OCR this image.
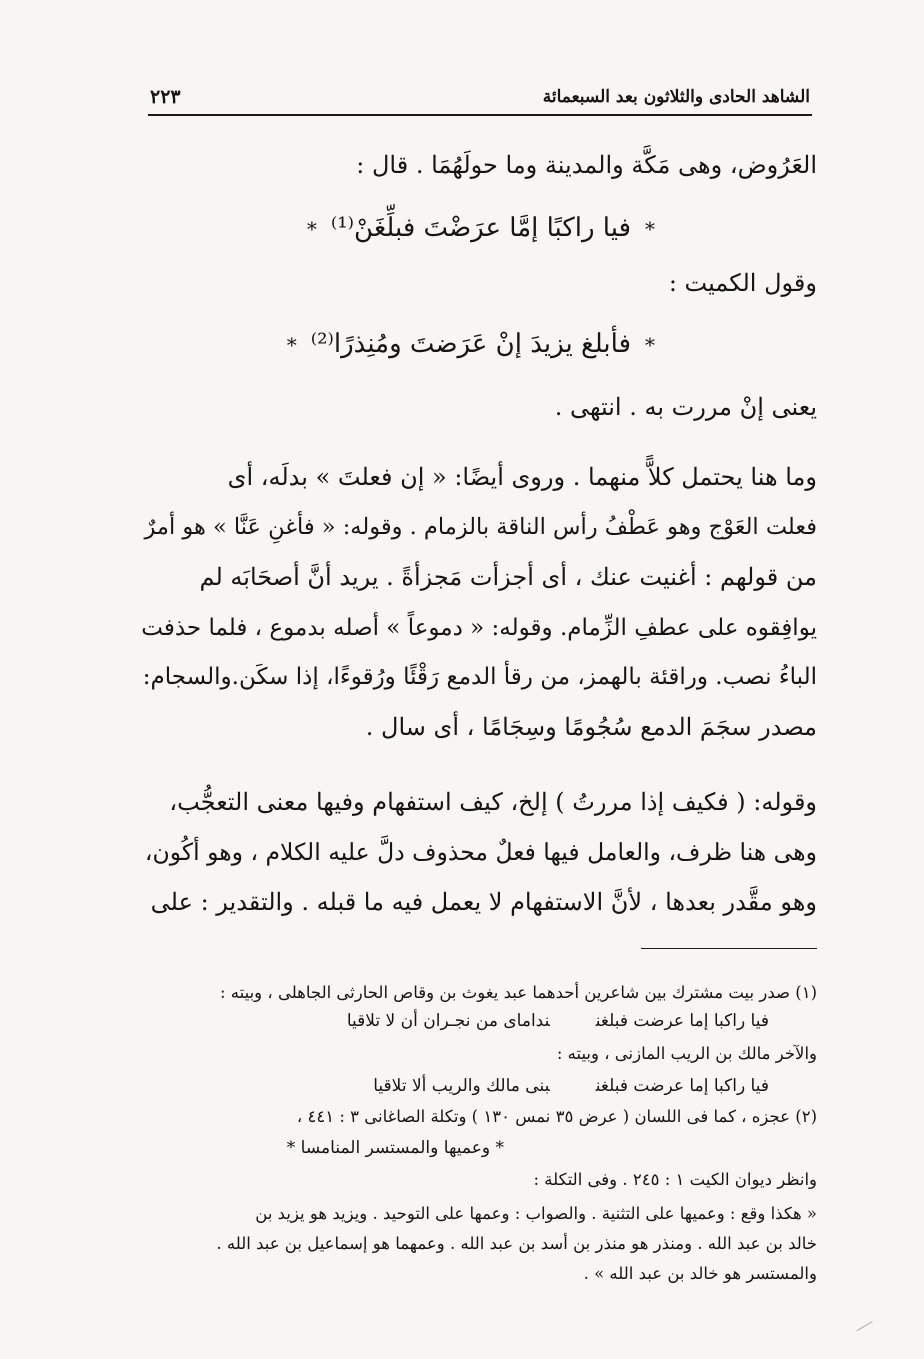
٢٢٣	الشاهد الحادى والثلاثون بعد السبعمائة
العَرُوض، وهى مَكَّة والمدينة وما حولَهُمَا . قال :
*فيا راكبًا إمَّا عرَضْتَ فبلِّغَنْ⁽¹⁾*
وقول الكميت :
*فأبلغ يزيدَ إنْ عَرَضتَ ومُنِذرًا⁽²⁾*
يعنى إنْ مررت به . انتهى .
وما هنا يحتمل كلاًّ منهما . وروى أيضًا: « إن فعلتَ » بدلَه، أى
فعلت العَوْج وهو عَطْفُ رأس الناقة بالزمام . وقوله: « فأغنِ عَنَّا » هو أمرٌ
من قولهم : أغنيت عنك ، أى أجزأت مَجزأةً . يريد أنَّ أصحَابَه لم
يوافِقوه على عطفِ الزِّمام. وقوله: « دموعاً » أصله بدموع ، فلما حذفت
الباءُ نصب. وراقئة بالهمز، من رقأ الدمع رَقْئًا ورُقوءًا، إذا سكَن.والسجام:
مصدر سجَمَ الدمع سُجُومًا وسِجَامًا ، أى سال .
وقوله: ( فكيف إذا مررتُ ) إلخ، كيف استفهام وفيها معنى التعجُّب،
وهى هنا ظرف، والعامل فيها فعلٌ محذوف دلَّ عليه الكلام ، وهو أكُون،
وهو مقَّدر بعدها ، لأنَّ الاستفهام لا يعمل فيه ما قبله . والتقدير : على
(١) صدر بيت مشترك بين شاعرين أحدهما عبد يغوث بن وقاص الحارثى الجاهلى ، وبيته :
فيا راكبا إما عرضت فبلغنندامای من نجـران أن لا تلاقيا
والآخر مالك بن الريب المازنى ، وبيته :
فيا راكبا إما عرضت فبلغنبنى مالك والريب ألا تلاقيا
(٢) عجزه ، كما فى اللسان ( عرض ٣٥ نمس ١٣٠ ) وتكلة الصاغانى ٣ : ٤٤١ ،
* وعميها والمستسر المنامسا *
وانظر ديوان الكيت ١ : ٢٤٥ . وفى التكلة :
« هكذا وقع : وعميها على التثنية . والصواب : وعمها على التوحيد . ويزيد هو يزيد بن
خالد بن عبد الله . ومنذر هو منذر بن أسد بن عبد الله . وعمهما هو إسماعيل بن عبد الله .
والمستسر هو خالد بن عبد الله » .
